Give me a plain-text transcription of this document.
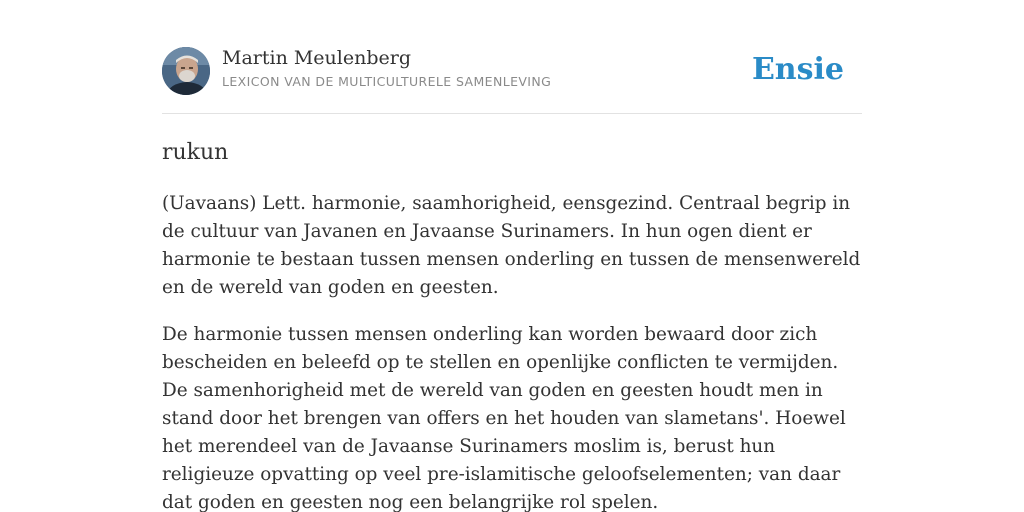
Martin Meulenberg
LEXICON VAN DE MULTICULTURELE SAMENLEVING	Ensie
rukun

(Uavaans) Lett. harmonie, saamhorigheid, eensgezind. Centraal begrip in de cultuur van Javanen en Javaanse Surinamers. In hun ogen dient er harmonie te bestaan tussen mensen onderling en tussen de mensenwereld en de wereld van goden en geesten.

De harmonie tussen mensen onderling kan worden bewaard door zich bescheiden en beleefd op te stellen en openlijke conflicten te vermijden. De samenhorigheid met de wereld van goden en geesten houdt men in stand door het brengen van offers en het houden van slametans'. Hoewel het merendeel van de Javaanse Surinamers moslim is, berust hun religieuze opvatting op veel pre-islamitische geloofselementen; van daar dat goden en geesten nog een belangrijke rol spelen.
